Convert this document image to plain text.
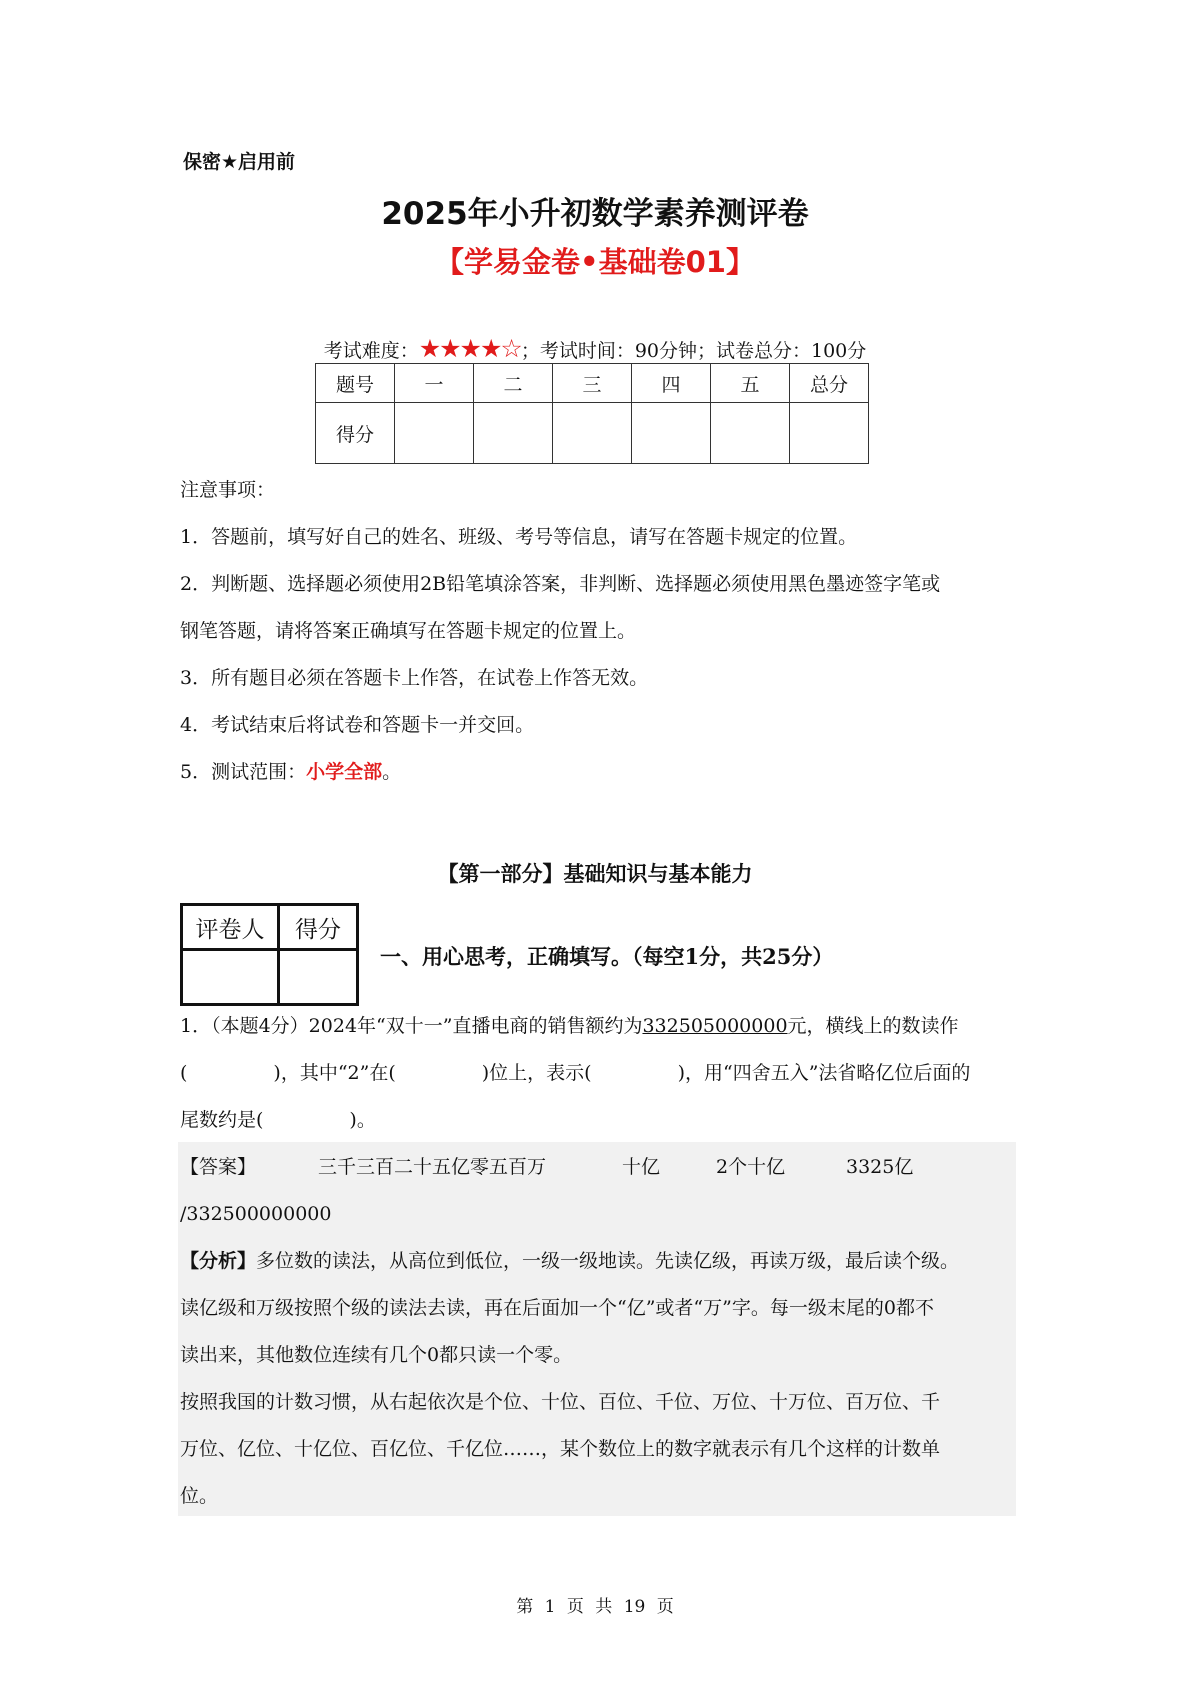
保密★启用前
2025年小升初数学素养测评卷
【学易金卷•基础卷01】
考试难度：★★★★☆；考试时间：90分钟；试卷总分：100分
题号	一	二	三	四	五	总分
得分						
注意事项：
1．答题前，填写好自己的姓名、班级、考号等信息，请写在答题卡规定的位置。
2．判断题、选择题必须使用2B铅笔填涂答案，非判断、选择题必须使用黑色墨迹签字笔或
钢笔答题，请将答案正确填写在答题卡规定的位置上。
3．所有题目必须在答题卡上作答，在试卷上作答无效。
4．考试结束后将试卷和答题卡一并交回。
5．测试范围：小学全部。
【第一部分】基础知识与基本能力
评卷人	得分

一、用心思考，正确填写。（每空1分，共25分）
1．（本题4分）2024年“双十一”直播电商的销售额约为332505000000元，横线上的数读作
(	)，其中“2”在(	)位上，表示(	)，用“四舍五入”法省略亿位后面的
尾数约是(	)。
【答案】	三千三百二十五亿零五百万	十亿	2个十亿	3325亿
/332500000000
【分析】多位数的读法，从高位到低位，一级一级地读。先读亿级，再读万级，最后读个级。
读亿级和万级按照个级的读法去读，再在后面加一个“亿”或者“万”字。每一级末尾的0都不
读出来，其他数位连续有几个0都只读一个零。
按照我国的计数习惯，从右起依次是个位、十位、百位、千位、万位、十万位、百万位、千
万位、亿位、十亿位、百亿位、千亿位……，某个数位上的数字就表示有几个这样的计数单
位。
第 1 页 共 19 页
